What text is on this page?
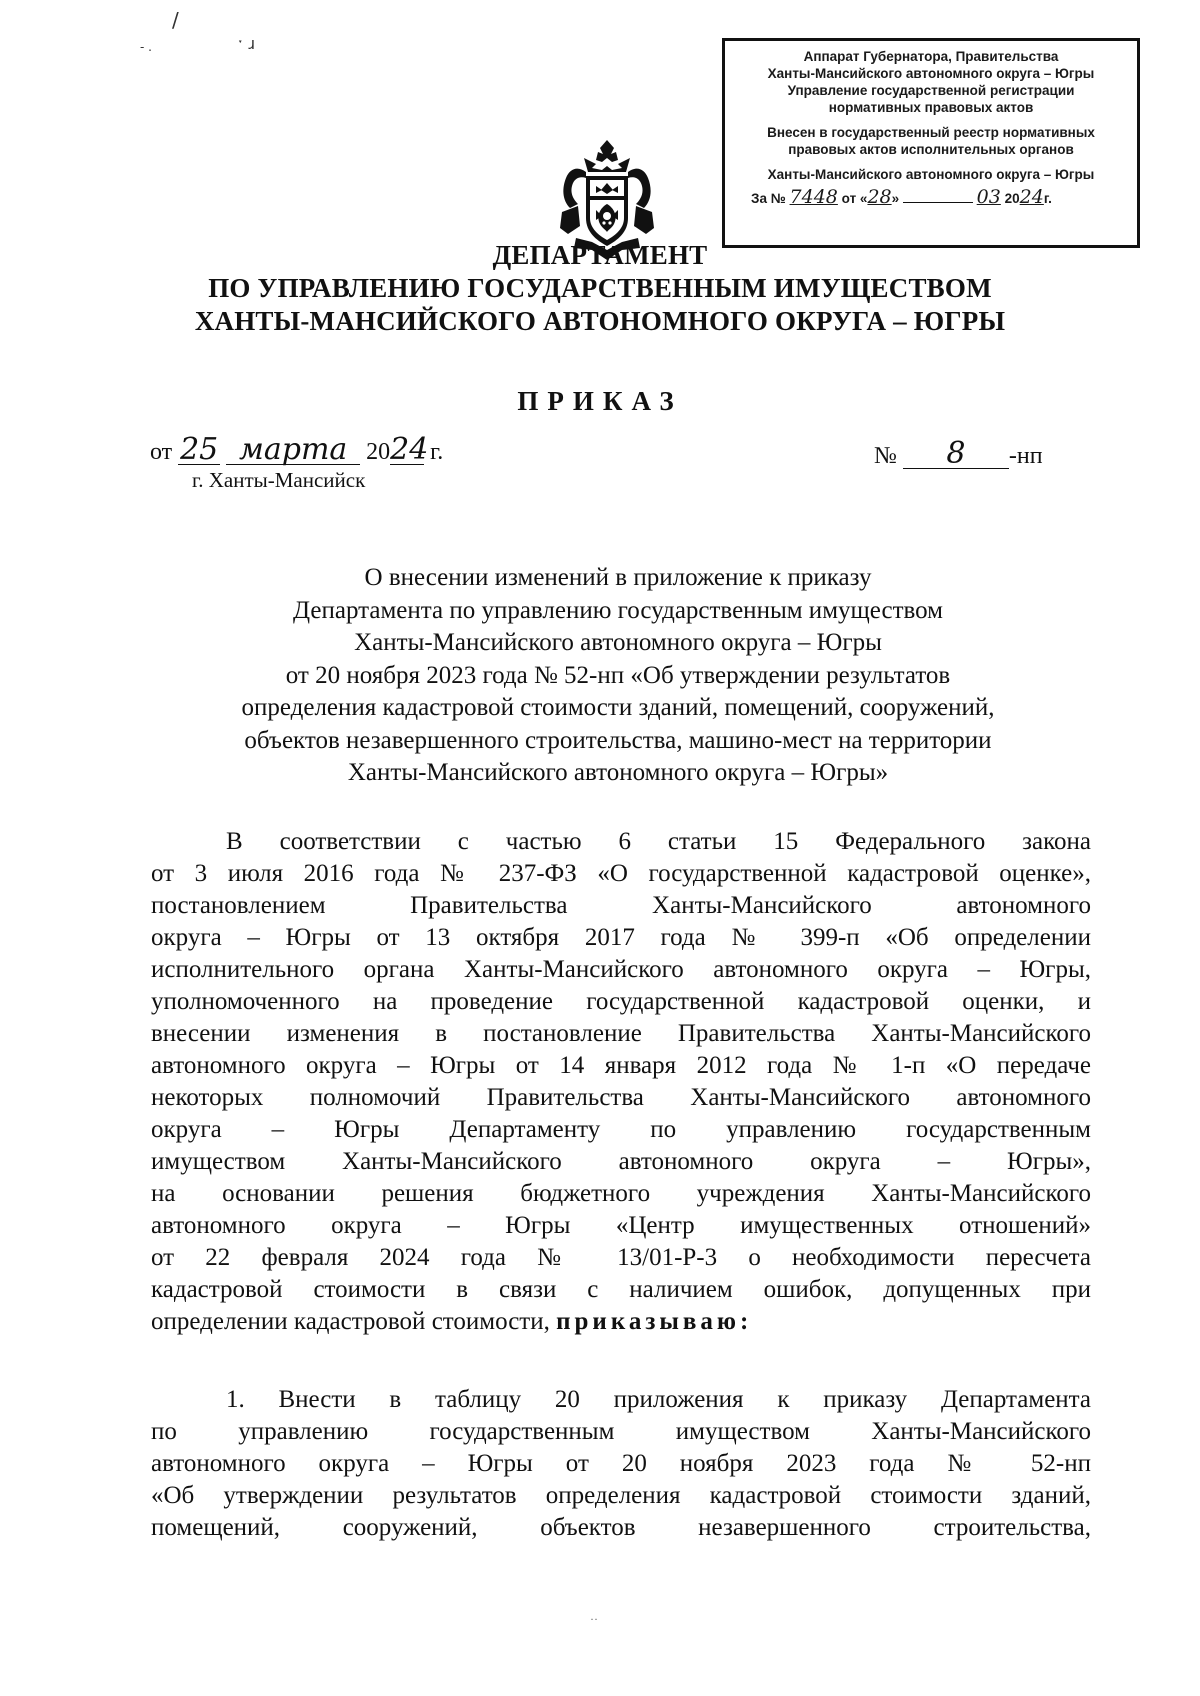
/
- .	ˑ ɹ
Аппарат Губернатора, Правительства
Ханты-Мансийского автономного округа – Югры
Управление государственной регистрации
нормативных правовых актов
Внесен в государственный реестр нормативных
правовых актов исполнительных органов
Ханты-Мансийского автономного округа – Югры
За № 7448 от «28»	03 2024г.
ДЕПАРТАМЕНТ
ПО УПРАВЛЕНИЮ ГОСУДАРСТВЕННЫМ ИМУЩЕСТВОМ
ХАНТЫ-МАНСИЙСКОГО АВТОНОМНОГО ОКРУГА – ЮГРЫ
ПРИКАЗ
от 25 марта 2024 г.
г. Ханты-Мансийск
№ 8 -нп
О внесении изменений в приложение к приказу
Департамента по управлению государственным имуществом
Ханты-Мансийского автономного округа – Югры
от 20 ноября 2023 года № 52-нп «Об утверждении результатов
определения кадастровой стоимости зданий, помещений, сооружений,
объектов незавершенного строительства, машино-мест на территории
Ханты-Мансийского автономного округа – Югры»
В соответствии с частью 6 статьи 15 Федерального закона
от 3 июля 2016 года № 237-ФЗ «О государственной кадастровой оценке»,
постановлением Правительства Ханты-Мансийского автономного
округа – Югры от 13 октября 2017 года № 399-п «Об определении
исполнительного органа Ханты-Мансийского автономного округа – Югры,
уполномоченного на проведение государственной кадастровой оценки, и
внесении изменения в постановление Правительства Ханты-Мансийского
автономного округа – Югры от 14 января 2012 года № 1-п «О передаче
некоторых полномочий Правительства Ханты-Мансийского автономного
округа – Югры Департаменту по управлению государственным
имуществом Ханты-Мансийского автономного округа – Югры»,
на основании решения бюджетного учреждения Ханты-Мансийского
автономного округа – Югры «Центр имущественных отношений»
от 22 февраля 2024 года № 13/01-Р-3 о необходимости пересчета
кадастровой стоимости в связи с наличием ошибок, допущенных при
определении кадастровой стоимости, приказываю:
1. Внести в таблицу 20 приложения к приказу Департамента
по управлению государственным имуществом Ханты-Мансийского
автономного округа – Югры от 20 ноября 2023 года № 52-нп
«Об утверждении результатов определения кадастровой стоимости зданий,
помещений, сооружений, объектов незавершенного строительства,
··
